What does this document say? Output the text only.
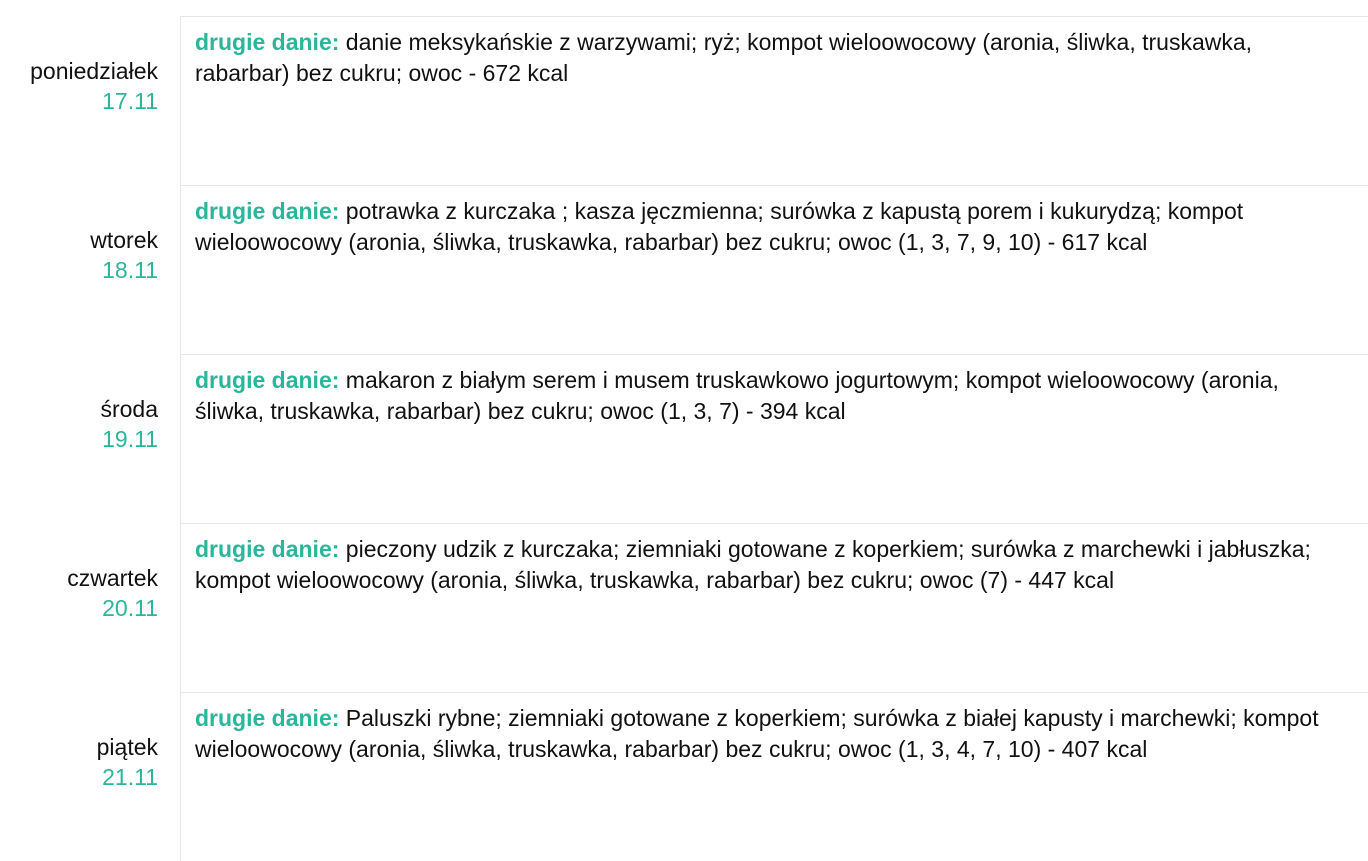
poniedziałek
17.11
drugie danie: danie meksykańskie z warzywami; ryż; kompot wieloowocowy (aronia, śliwka, truskawka, rabarbar) bez cukru; owoc - 672 kcal
wtorek
18.11
drugie danie: potrawka z kurczaka ; kasza jęczmienna; surówka z kapustą porem i kukurydzą; kompot wieloowocowy (aronia, śliwka, truskawka, rabarbar) bez cukru; owoc (1, 3, 7, 9, 10) - 617 kcal
środa
19.11
drugie danie: makaron z białym serem i musem truskawkowo jogurtowym; kompot wieloowocowy (aronia, śliwka, truskawka, rabarbar) bez cukru; owoc (1, 3, 7) - 394 kcal
czwartek
20.11
drugie danie: pieczony udzik z kurczaka; ziemniaki gotowane z koperkiem; surówka z marchewki i jabłuszka; kompot wieloowocowy (aronia, śliwka, truskawka, rabarbar) bez cukru; owoc (7) - 447 kcal
piątek
21.11
drugie danie: Paluszki rybne; ziemniaki gotowane z koperkiem; surówka z białej kapusty i marchewki; kompot wieloowocowy (aronia, śliwka, truskawka, rabarbar) bez cukru; owoc (1, 3, 4, 7, 10) - 407 kcal
